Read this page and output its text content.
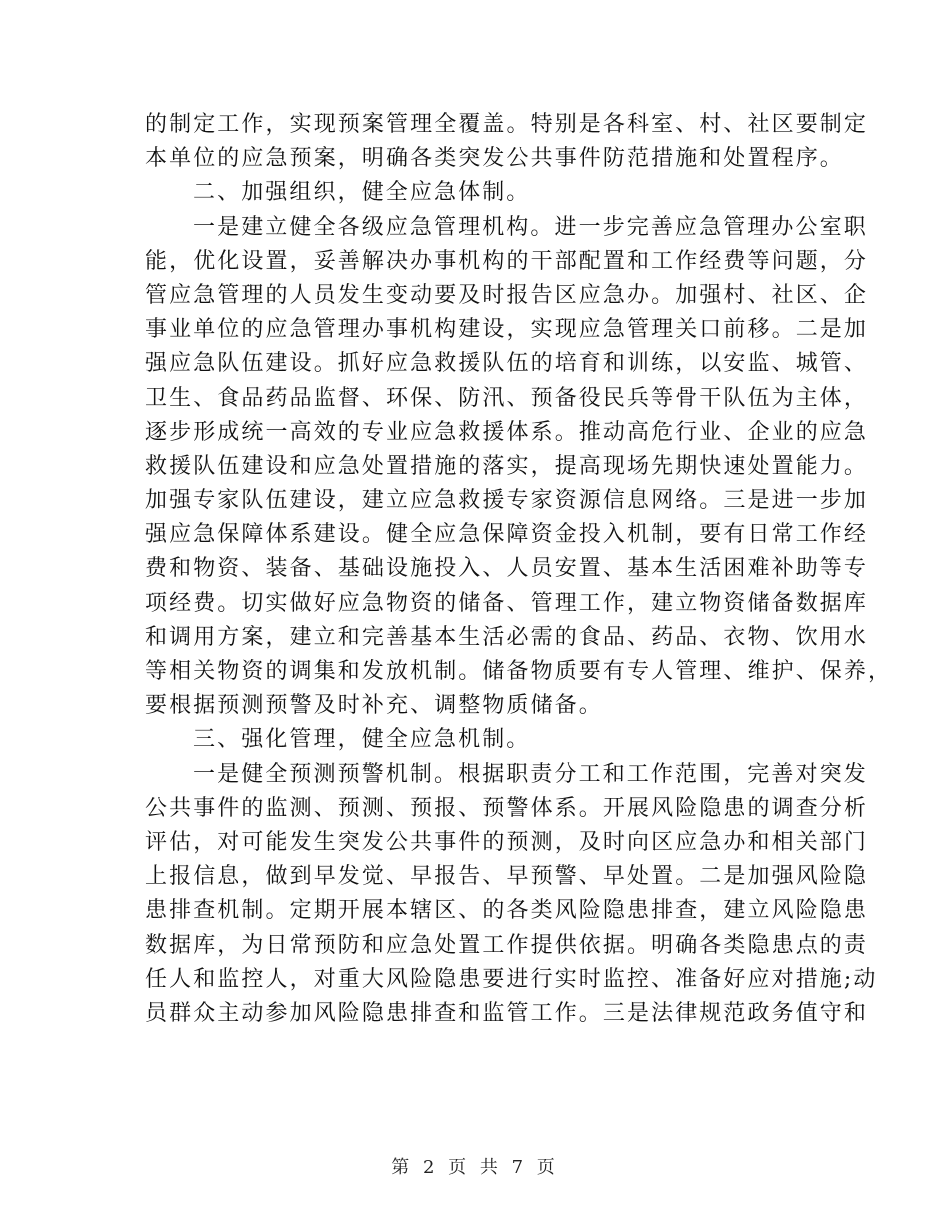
的制定工作，实现预案管理全覆盖。特别是各科室、村、社区要制定
本单位的应急预案，明确各类突发公共事件防范措施和处置程序。
二、加强组织，健全应急体制。
一是建立健全各级应急管理机构。进一步完善应急管理办公室职
能，优化设置，妥善解决办事机构的干部配置和工作经费等问题，分
管应急管理的人员发生变动要及时报告区应急办。加强村、社区、企
事业单位的应急管理办事机构建设，实现应急管理关口前移。二是加
强应急队伍建设。抓好应急救援队伍的培育和训练，以安监、城管、
卫生、食品药品监督、环保、防汛、预备役民兵等骨干队伍为主体，
逐步形成统一高效的专业应急救援体系。推动高危行业、企业的应急
救援队伍建设和应急处置措施的落实，提高现场先期快速处置能力。
加强专家队伍建设，建立应急救援专家资源信息网络。三是进一步加
强应急保障体系建设。健全应急保障资金投入机制，要有日常工作经
费和物资、装备、基础设施投入、人员安置、基本生活困难补助等专
项经费。切实做好应急物资的储备、管理工作，建立物资储备数据库
和调用方案，建立和完善基本生活必需的食品、药品、衣物、饮用水
等相关物资的调集和发放机制。储备物质要有专人管理、维护、保养，
要根据预测预警及时补充、调整物质储备。
三、强化管理，健全应急机制。
一是健全预测预警机制。根据职责分工和工作范围，完善对突发
公共事件的监测、预测、预报、预警体系。开展风险隐患的调查分析
评估，对可能发生突发公共事件的预测，及时向区应急办和相关部门
上报信息，做到早发觉、早报告、早预警、早处置。二是加强风险隐
患排查机制。定期开展本辖区、的各类风险隐患排查，建立风险隐患
数据库，为日常预防和应急处置工作提供依据。明确各类隐患点的责
任人和监控人，对重大风险隐患要进行实时监控、准备好应对措施;动
员群众主动参加风险隐患排查和监管工作。三是法律规范政务值守和
第 2 页 共 7 页
